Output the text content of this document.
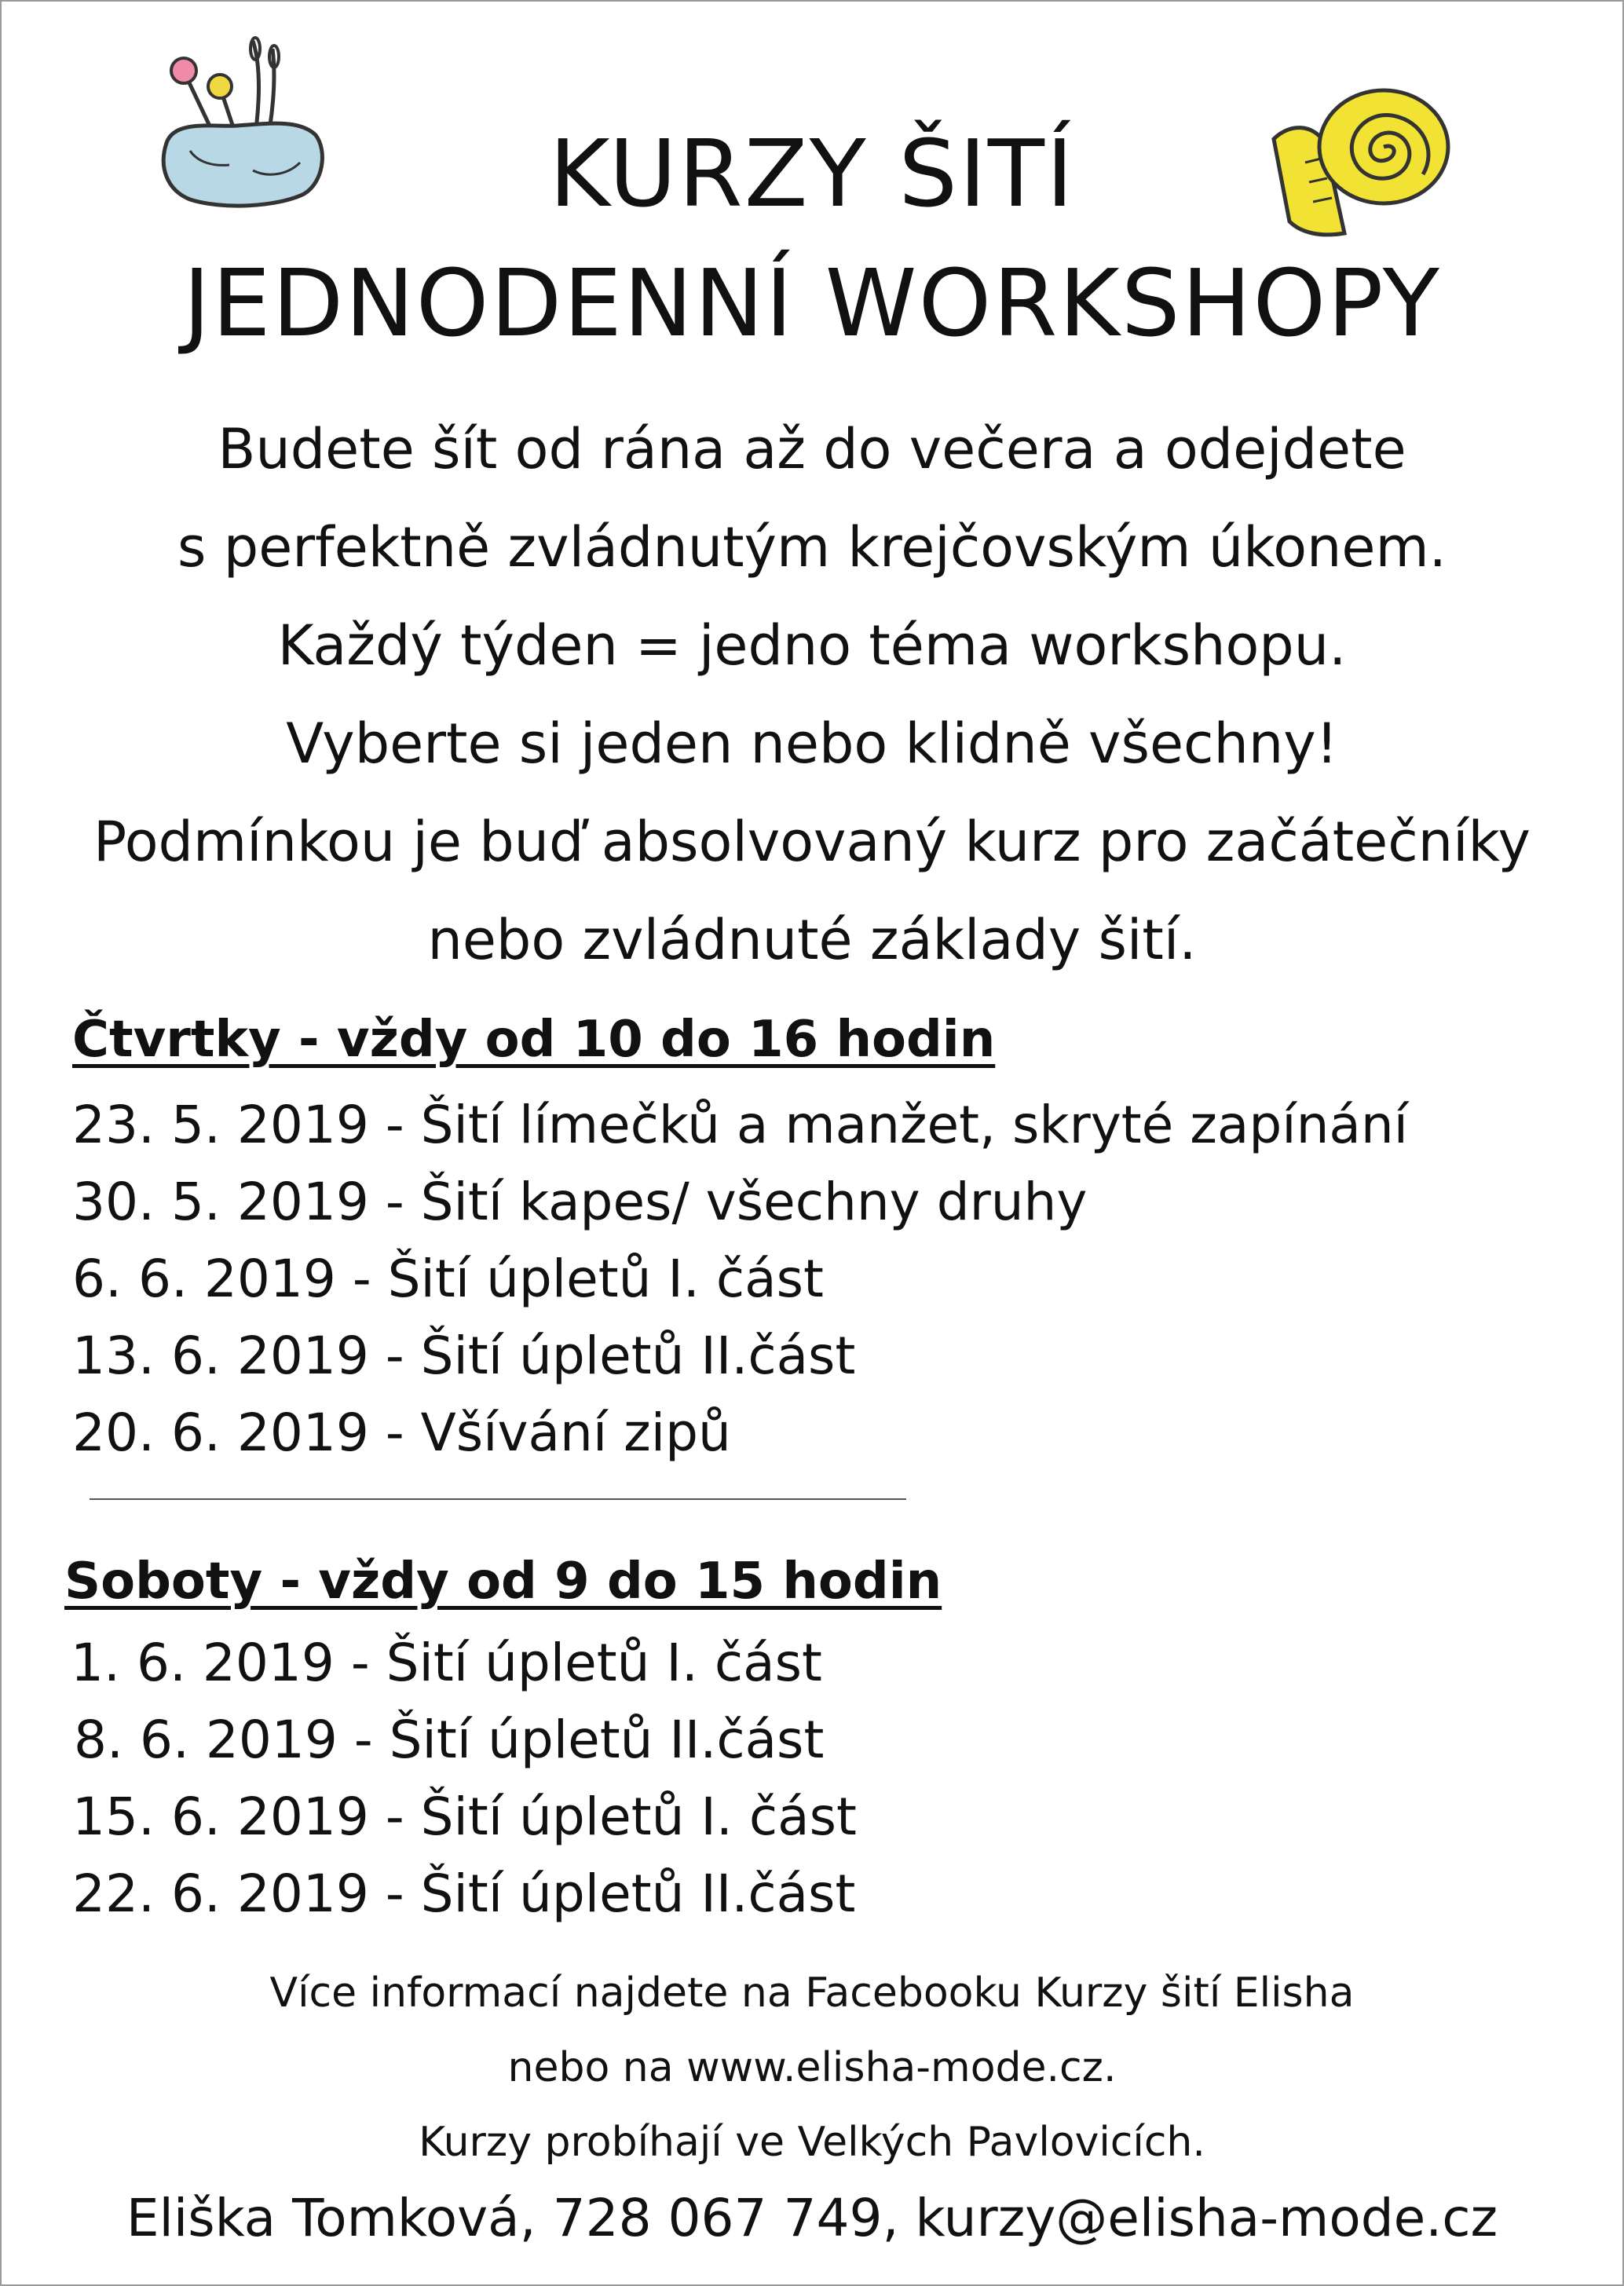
KURZY ŠITÍ
JEDNODENNÍ WORKSHOPY

Budete šít od rána až do večera a odejdete

s perfektně zvládnutým krejčovským úkonem.

Každý týden = jedno téma workshopu.

Vyberte si jeden nebo klidně všechny!

Podmínkou je buď absolvovaný kurz pro začátečníky

nebo zvládnuté základy šití.

Čtvrtky - vždy od 10 do 16 hodin
23. 5. 2019 - Šití límečků a manžet, skryté zapínání
30. 5. 2019 - Šití kapes/ všechny druhy
6. 6. 2019 - Šití úpletů I. část
13. 6. 2019 - Šití úpletů II.část
20. 6. 2019 - Všívání zipů
Soboty - vždy od 9 do 15 hodin
1. 6. 2019 - Šití úpletů I. část
8. 6. 2019 - Šití úpletů II.část
15. 6. 2019 - Šití úpletů I. část
22. 6. 2019 - Šití úpletů II.část

Více informací najdete na Facebooku Kurzy šití Elisha

nebo na www.elisha-mode.cz.

Kurzy probíhají ve Velkých Pavlovicích.

Eliška Tomková, 728 067 749, kurzy@elisha-mode.cz
